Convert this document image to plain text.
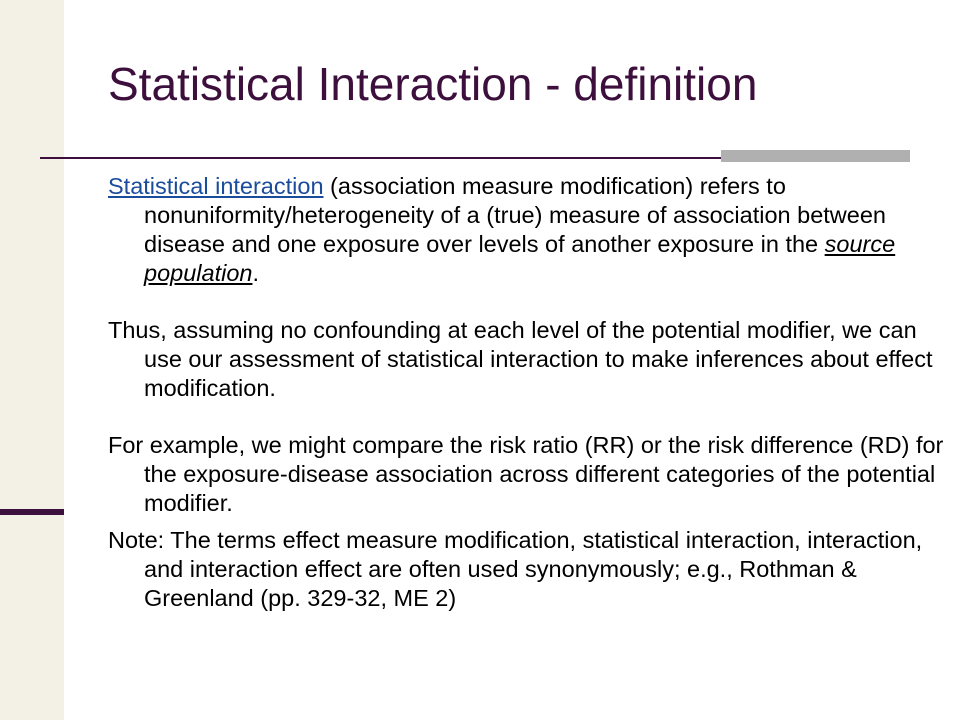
Statistical Interaction - definition

Statistical interaction (association measure modification) refers to nonuniformity/heterogeneity of a (true) measure of association between disease and one exposure over levels of another exposure in the source population.

Thus, assuming no confounding at each level of the potential modifier, we can use our assessment of statistical interaction to make inferences about effect modification.

For example, we might compare the risk ratio (RR) or the risk difference (RD) for the exposure-disease association across different categories of the potential modifier.

Note: The terms effect measure modification, statistical interaction, interaction, and interaction effect are often used synonymously; e.g., Rothman & Greenland (pp. 329-32, ME 2)
